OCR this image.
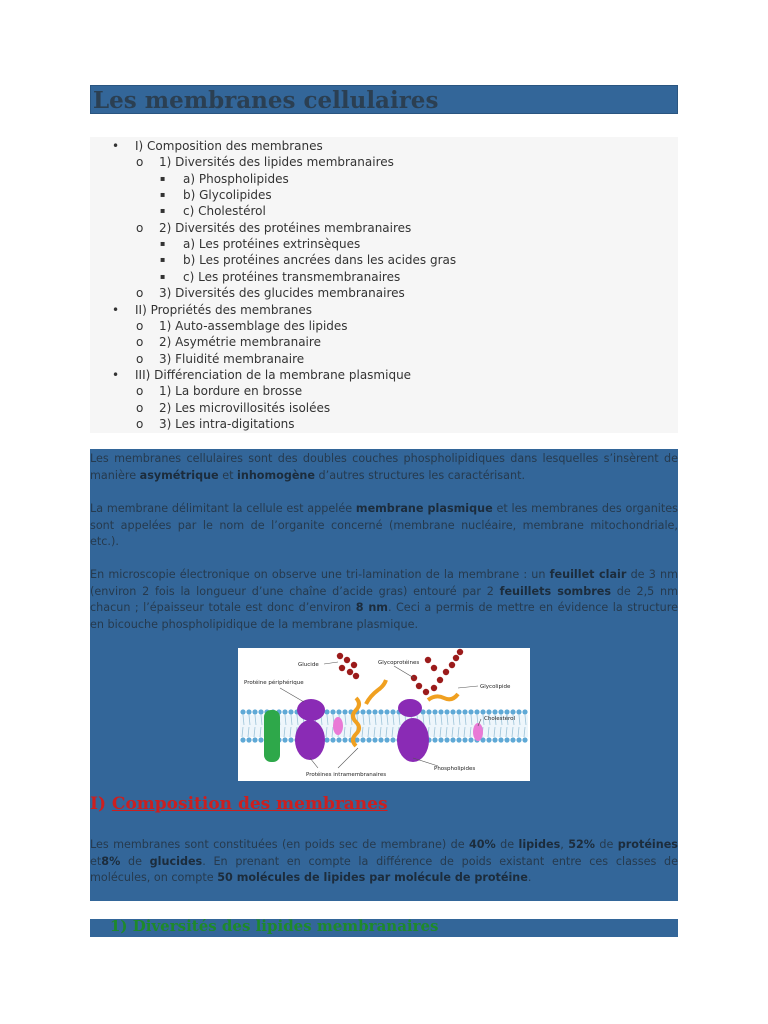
Les membranes cellulaires
• I) Composition des membranes
o 1) Diversités des lipides membranaires
▪ a) Phospholipides
▪ b) Glycolipides
▪ c) Cholestérol
o 2) Diversités des protéines membranaires
▪ a) Les protéines extrinsèques
▪ b) Les protéines ancrées dans les acides gras
▪ c) Les protéines transmembranaires
o 3) Diversités des glucides membranaires
• II) Propriétés des membranes
o 1) Auto-assemblage des lipides
o 2) Asymétrie membranaire
o 3) Fluidité membranaire
• III) Différenciation de la membrane plasmique
o 1) La bordure en brosse
o 2) Les microvillosités isolées
o 3) Les intra-digitations

Les membranes cellulaires sont des doubles couches phospholipidiques dans lesquelles s’insèrent de manière asymétrique et inhomogène d’autres structures les caractérisant.

La membrane délimitant la cellule est appelée membrane plasmique et les membranes des organites sont appelées par le nom de l’organite concerné (membrane nucléaire, membrane mitochondriale, etc.).

En microscopie électronique on observe une tri-lamination de la membrane : un feuillet clair de 3 nm (environ 2 fois la longueur d’une chaîne d’acide gras) entouré par 2 feuillets sombres de 2,5 nm chacun ; l’épaisseur totale est donc d’environ 8 nm. Ceci a permis de mettre en évidence la structure en bicouche phospholipidique de la membrane plasmique.

Glucide
Protéine périphérique
Glycoprotéines
Glycolipide
Cholestérol
Phospholipides
Protéines intramembranaires
I) Composition des membranes

Les membranes sont constituées (en poids sec de membrane) de 40% de lipides, 52% de protéines et8% de glucides. En prenant en compte la différence de poids existant entre ces classes de molécules, on compte 50 molécules de lipides par molécule de protéine.

1) Diversités des lipides membranaires
